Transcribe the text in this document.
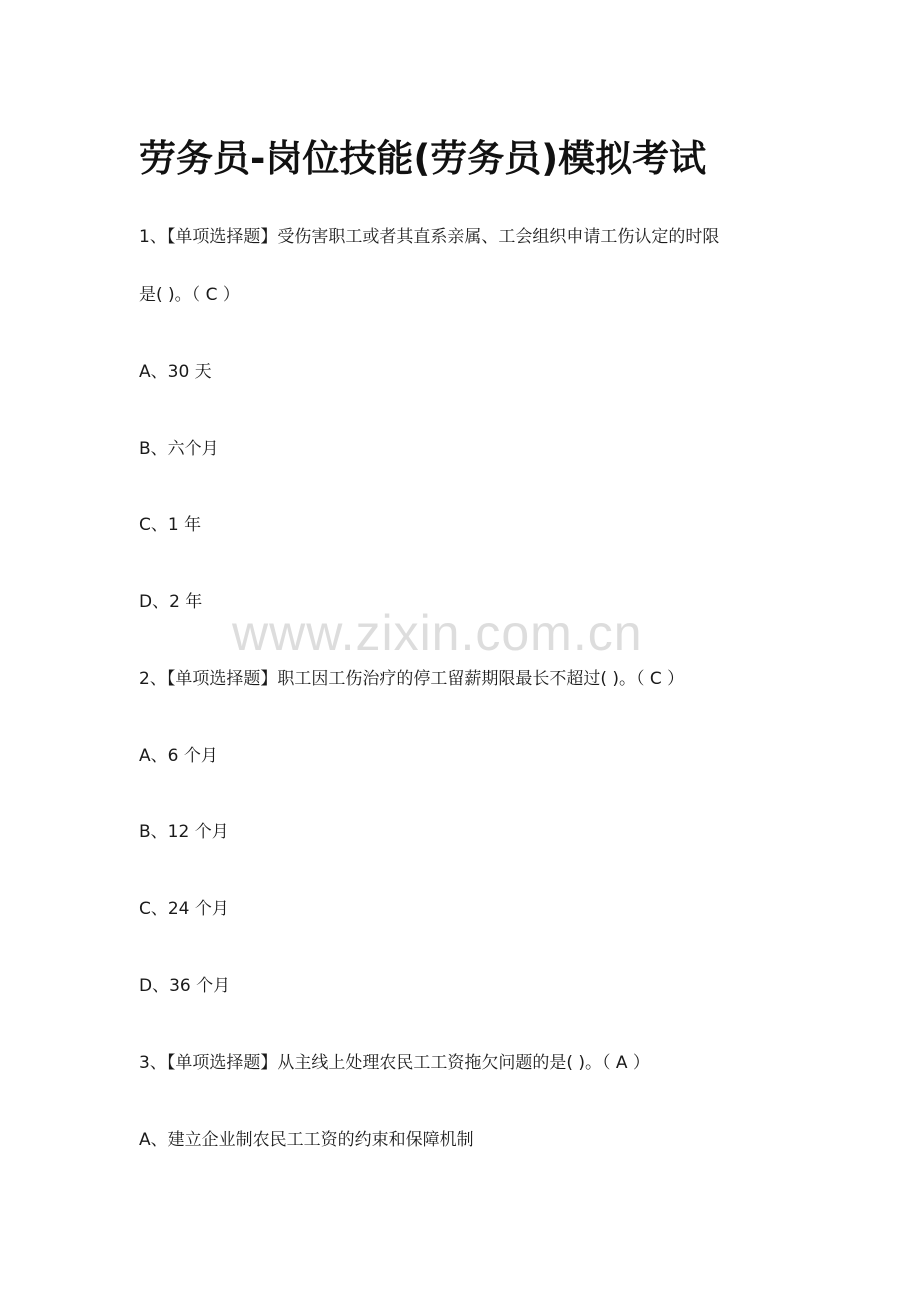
劳务员-岗位技能(劳务员)模拟考试
1、【单项选择题】受伤害职工或者其直系亲属、工会组织申请工伤认定的时限
是( )。（ C ）
A、30 天
B、六个月
C、1 年
D、2 年
www.zixin.com.cn
2、【单项选择题】职工因工伤治疗的停工留薪期限最长不超过( )。（ C ）
A、6 个月
B、12 个月
C、24 个月
D、36 个月
3、【单项选择题】从主线上处理农民工工资拖欠问题的是( )。（ A ）
A、建立企业制农民工工资的约束和保障机制
